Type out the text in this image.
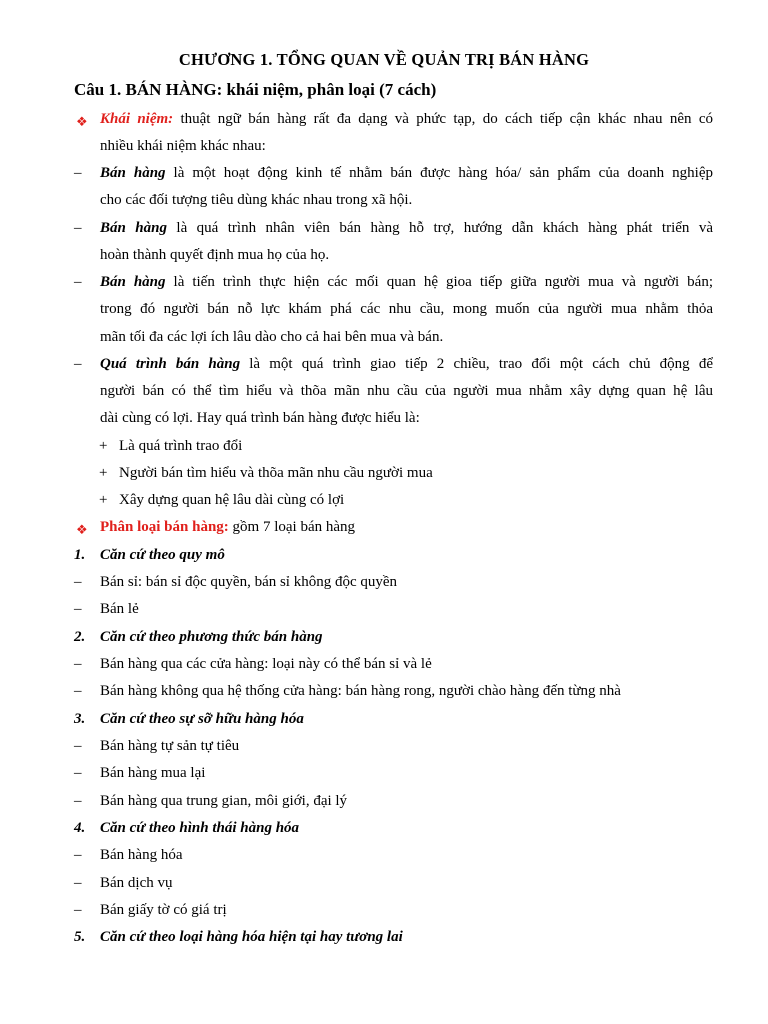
CHƯƠNG 1. TỔNG QUAN VỀ QUẢN TRỊ BÁN HÀNG
Câu 1. BÁN HÀNG: khái niệm, phân loại (7 cách)
❖ Khái niệm: thuật ngữ bán hàng rất đa dạng và phức tạp, do cách tiếp cận khác nhau nên có
nhiều khái niệm khác nhau:
– Bán hàng là một hoạt động kinh tế nhằm bán được hàng hóa/ sản phẩm của doanh nghiệp
cho các đối tượng tiêu dùng khác nhau trong xã hội.
– Bán hàng là quá trình nhân viên bán hàng hỗ trợ, hướng dẫn khách hàng phát triển và
hoàn thành quyết định mua họ của họ.
– Bán hàng là tiến trình thực hiện các mối quan hệ gioa tiếp giữa người mua và người bán;
trong đó người bán nỗ lực khám phá các nhu cầu, mong muốn của người mua nhằm thỏa
mãn tối đa các lợi ích lâu dào cho cả hai bên mua và bán.
– Quá trình bán hàng là một quá trình giao tiếp 2 chiều, trao đổi một cách chủ động để
người bán có thể tìm hiểu và thõa mãn nhu cầu của người mua nhằm xây dựng quan hệ lâu
dài cùng có lợi. Hay quá trình bán hàng được hiểu là:
+ Là quá trình trao đổi
+ Người bán tìm hiểu và thõa mãn nhu cầu người mua
+ Xây dựng quan hệ lâu dài cùng có lợi
❖ Phân loại bán hàng: gồm 7 loại bán hàng
1. Căn cứ theo quy mô
– Bán sỉ: bán sỉ độc quyền, bán sỉ không độc quyền
– Bán lẻ
2. Căn cứ theo phương thức bán hàng
– Bán hàng qua các cửa hàng: loại này có thể bán sỉ và lẻ
– Bán hàng không qua hệ thống cửa hàng: bán hàng rong, người chào hàng đến từng nhà
3. Căn cứ theo sự sỡ hữu hàng hóa
– Bán hàng tự sản tự tiêu
– Bán hàng mua lại
– Bán hàng qua trung gian, môi giới, đại lý
4. Căn cứ theo hình thái hàng hóa
– Bán hàng hóa
– Bán dịch vụ
– Bán giấy tờ có giá trị
5. Căn cứ theo loại hàng hóa hiện tại hay tương lai
